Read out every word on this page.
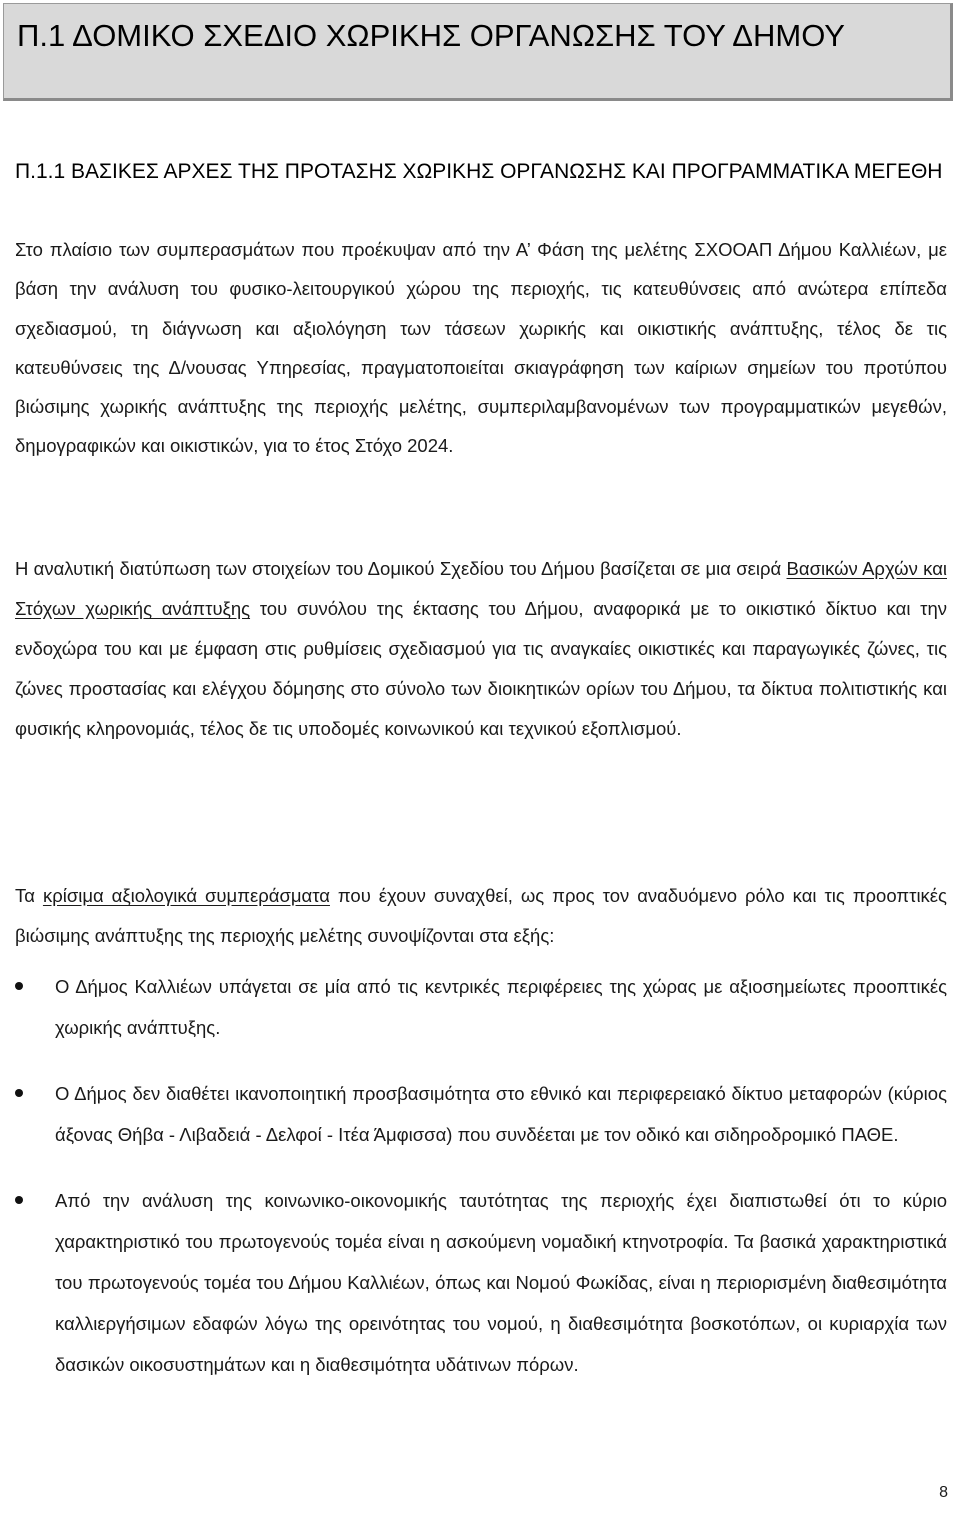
Π.1 ΔΟΜΙΚΟ ΣΧΕΔΙΟ ΧΩΡΙΚΗΣ ΟΡΓΑΝΩΣΗΣ ΤΟΥ ΔΗΜΟΥ
Π.1.1 ΒΑΣΙΚΕΣ ΑΡΧΕΣ ΤΗΣ ΠΡΟΤΑΣΗΣ ΧΩΡΙΚΗΣ ΟΡΓΑΝΩΣΗΣ ΚΑΙ ΠΡΟΓΡΑΜΜΑΤΙΚΑ ΜΕΓΕΘΗ

Στο πλαίσιο των συμπερασμάτων που προέκυψαν από την Α’ Φάση της μελέτης ΣΧΟΟΑΠ Δήμου Καλλιέων, με βάση την ανάλυση του φυσικο-λειτουργικού χώρου της περιοχής, τις κατευθύνσεις από ανώτερα επίπεδα σχεδιασμού, τη διάγνωση και αξιολόγηση των τάσεων χωρικής και οικιστικής ανάπτυξης, τέλος δε τις κατευθύνσεις της Δ/νουσας Υπηρεσίας, πραγματοποιείται σκιαγράφηση των καίριων σημείων του προτύπου βιώσιμης χωρικής ανάπτυξης της περιοχής μελέτης, συμπεριλαμβανομένων των προγραμματικών μεγεθών, δημογραφικών και οικιστικών, για το έτος Στόχο 2024.

Η αναλυτική διατύπωση των στοιχείων του Δομικού Σχεδίου του Δήμου βασίζεται σε μια σειρά Βασικών Αρχών και Στόχων χωρικής ανάπτυξης του συνόλου της έκτασης του Δήμου, αναφορικά με το οικιστικό δίκτυο και την ενδοχώρα του και με έμφαση στις ρυθμίσεις σχεδιασμού για τις αναγκαίες οικιστικές και παραγωγικές ζώνες, τις ζώνες προστασίας και ελέγχου δόμησης στο σύνολο των διοικητικών ορίων του Δήμου, τα δίκτυα πολιτιστικής και φυσικής κληρονομιάς, τέλος δε τις υποδομές κοινωνικού και τεχνικού εξοπλισμού.

Τα κρίσιμα αξιολογικά συμπεράσματα που έχουν συναχθεί, ως προς τον αναδυόμενο ρόλο και τις προοπτικές βιώσιμης ανάπτυξης της περιοχής μελέτης συνοψίζονται στα εξής:

Ο Δήμος Καλλιέων υπάγεται σε μία από τις κεντρικές περιφέρειες της χώρας με αξιοσημείωτες προοπτικές χωρικής ανάπτυξης.
Ο Δήμος δεν διαθέτει ικανοποιητική προσβασιμότητα στο εθνικό και περιφερειακό δίκτυο μεταφορών (κύριος άξονας Θήβα - Λιβαδειά - Δελφοί - Ιτέα Άμφισσα) που συνδέεται με τον οδικό και σιδηροδρομικό ΠΑΘΕ.
Από την ανάλυση της κοινωνικο-οικονομικής ταυτότητας της περιοχής έχει διαπιστωθεί ότι το κύριο χαρακτηριστικό του πρωτογενούς τομέα είναι η ασκούμενη νομαδική κτηνοτροφία. Τα βασικά χαρακτηριστικά του πρωτογενούς τομέα του Δήμου Καλλιέων, όπως και Νομού Φωκίδας, είναι η περιορισμένη διαθεσιμότητα καλλιεργήσιμων εδαφών λόγω της ορεινότητας του νομού, η διαθεσιμότητα βοσκοτόπων, οι κυριαρχία των δασικών οικοσυστημάτων και η διαθεσιμότητα υδάτινων πόρων.
8
